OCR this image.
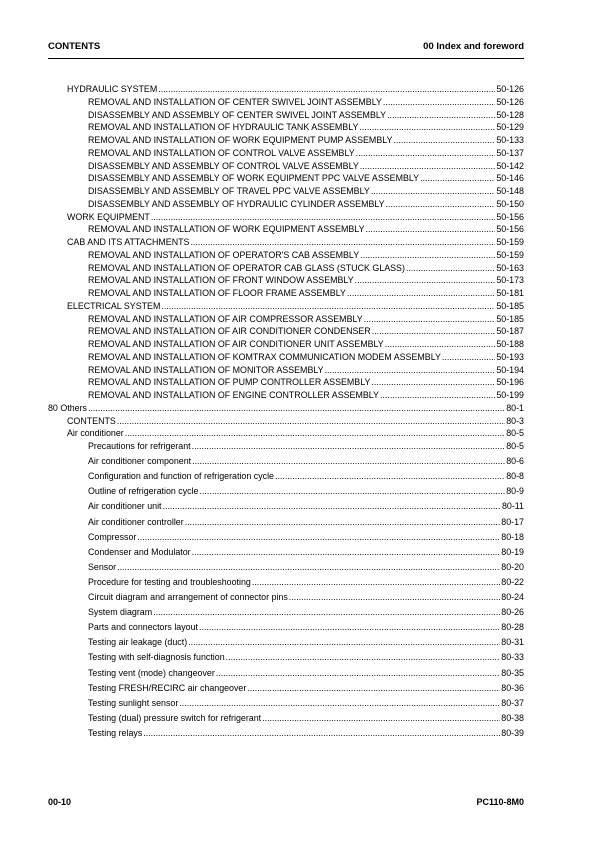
CONTENTS	00 Index and foreword
HYDRAULIC SYSTEM .....	50-126
REMOVAL AND INSTALLATION OF CENTER SWIVEL JOINT ASSEMBLY .....	50-126
DISASSEMBLY AND ASSEMBLY OF CENTER SWIVEL JOINT ASSEMBLY .....	50-128
REMOVAL AND INSTALLATION OF HYDRAULIC TANK ASSEMBLY .....	50-129
REMOVAL AND INSTALLATION OF WORK EQUIPMENT PUMP ASSEMBLY .....	50-133
REMOVAL AND INSTALLATION OF CONTROL VALVE ASSEMBLY .....	50-137
DISASSEMBLY AND ASSEMBLY OF CONTROL VALVE ASSEMBLY .....	50-142
DISASSEMBLY AND ASSEMBLY OF WORK EQUIPMENT PPC VALVE ASSEMBLY .....	50-146
DISASSEMBLY AND ASSEMBLY OF TRAVEL PPC VALVE ASSEMBLY .....	50-148
DISASSEMBLY AND ASSEMBLY OF HYDRAULIC CYLINDER ASSEMBLY .....	50-150
WORK EQUIPMENT .....	50-156
REMOVAL AND INSTALLATION OF WORK EQUIPMENT ASSEMBLY .....	50-156
CAB AND ITS ATTACHMENTS .....	50-159
REMOVAL AND INSTALLATION OF OPERATOR'S CAB ASSEMBLY .....	50-159
REMOVAL AND INSTALLATION OF OPERATOR CAB GLASS (STUCK GLASS) .....	50-163
REMOVAL AND INSTALLATION OF FRONT WINDOW ASSEMBLY .....	50-173
REMOVAL AND INSTALLATION OF FLOOR FRAME ASSEMBLY .....	50-181
ELECTRICAL SYSTEM .....	50-185
REMOVAL AND INSTALLATION OF AIR COMPRESSOR ASSEMBLY .....	50-185
REMOVAL AND INSTALLATION OF AIR CONDITIONER CONDENSER .....	50-187
REMOVAL AND INSTALLATION OF AIR CONDITIONER UNIT ASSEMBLY .....	50-188
REMOVAL AND INSTALLATION OF KOMTRAX COMMUNICATION MODEM ASSEMBLY .....	50-193
REMOVAL AND INSTALLATION OF MONITOR ASSEMBLY .....	50-194
REMOVAL AND INSTALLATION OF PUMP CONTROLLER ASSEMBLY .....	50-196
REMOVAL AND INSTALLATION OF ENGINE CONTROLLER ASSEMBLY .....	50-199
80 Others .....	80-1
CONTENTS .....	80-3
Air conditioner .....	80-5
Precautions for refrigerant .....	80-5
Air conditioner component .....	80-6
Configuration and function of refrigeration cycle .....	80-8
Outline of refrigeration cycle .....	80-9
Air conditioner unit .....	80-11
Air conditioner controller .....	80-17
Compressor .....	80-18
Condenser and Modulator .....	80-19
Sensor .....	80-20
Procedure for testing and troubleshooting .....	80-22
Circuit diagram and arrangement of connector pins .....	80-24
System diagram .....	80-26
Parts and connectors layout .....	80-28
Testing air leakage (duct) .....	80-31
Testing with self-diagnosis function .....	80-33
Testing vent (mode) changeover .....	80-35
Testing FRESH/RECIRC air changeover .....	80-36
Testing sunlight sensor .....	80-37
Testing (dual) pressure switch for refrigerant .....	80-38
Testing relays .....	80-39
00-10	PC110-8M0
